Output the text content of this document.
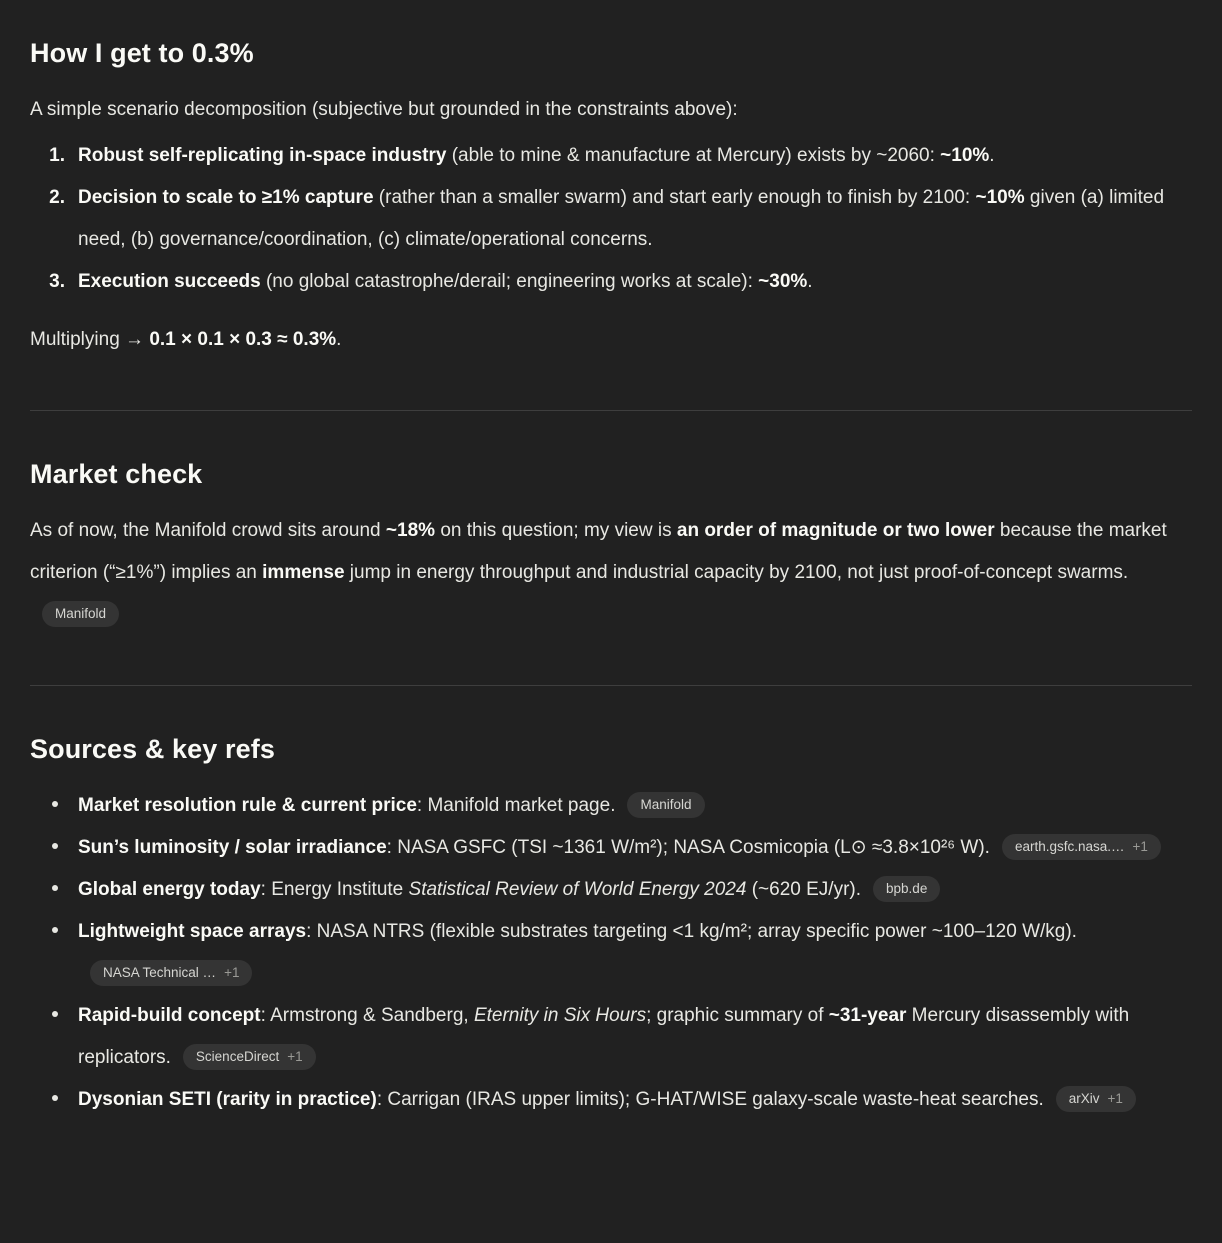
How I get to 0.3%

A simple scenario decomposition (subjective but grounded in the constraints above):

1. Robust self-replicating in-space industry (able to mine & manufacture at Mercury) exists by ~2060: ~10%.
2. Decision to scale to ≥1% capture (rather than a smaller swarm) and start early enough to finish by 2100: ~10% given (a) limited need, (b) governance/coordination, (c) climate/operational concerns.
3. Execution succeeds (no global catastrophe/derail; engineering works at scale): ~30%.

Multiplying → 0.1 × 0.1 × 0.3 ≈ 0.3%.

Market check

As of now, the Manifold crowd sits around ~18% on this question; my view is an order of magnitude or two lower because the market criterion (“≥1%”) implies an immense jump in energy throughput and industrial capacity by 2100, not just proof-of-concept swarms.Manifold

Sources & key refs
Market resolution rule & current price: Manifold market page. Manifold
Sun’s luminosity / solar irradiance: NASA GSFC (TSI ~1361 W/m²); NASA Cosmicopia (L⊙ ≈3.8×10²⁶ W). earth.gsfc.nasa.… +1
Global energy today: Energy Institute Statistical Review of World Energy 2024 (~620 EJ/yr). bpb.de
Lightweight space arrays: NASA NTRS (flexible substrates targeting <1 kg/m²; array specific power ~100–120 W/kg).NASA Technical … +1
Rapid-build concept: Armstrong & Sandberg, Eternity in Six Hours; graphic summary of ~31-year Mercury disassembly with replicators. ScienceDirect +1
Dysonian SETI (rarity in practice): Carrigan (IRAS upper limits); G-HAT/WISE galaxy-scale waste-heat searches. arXiv +1
